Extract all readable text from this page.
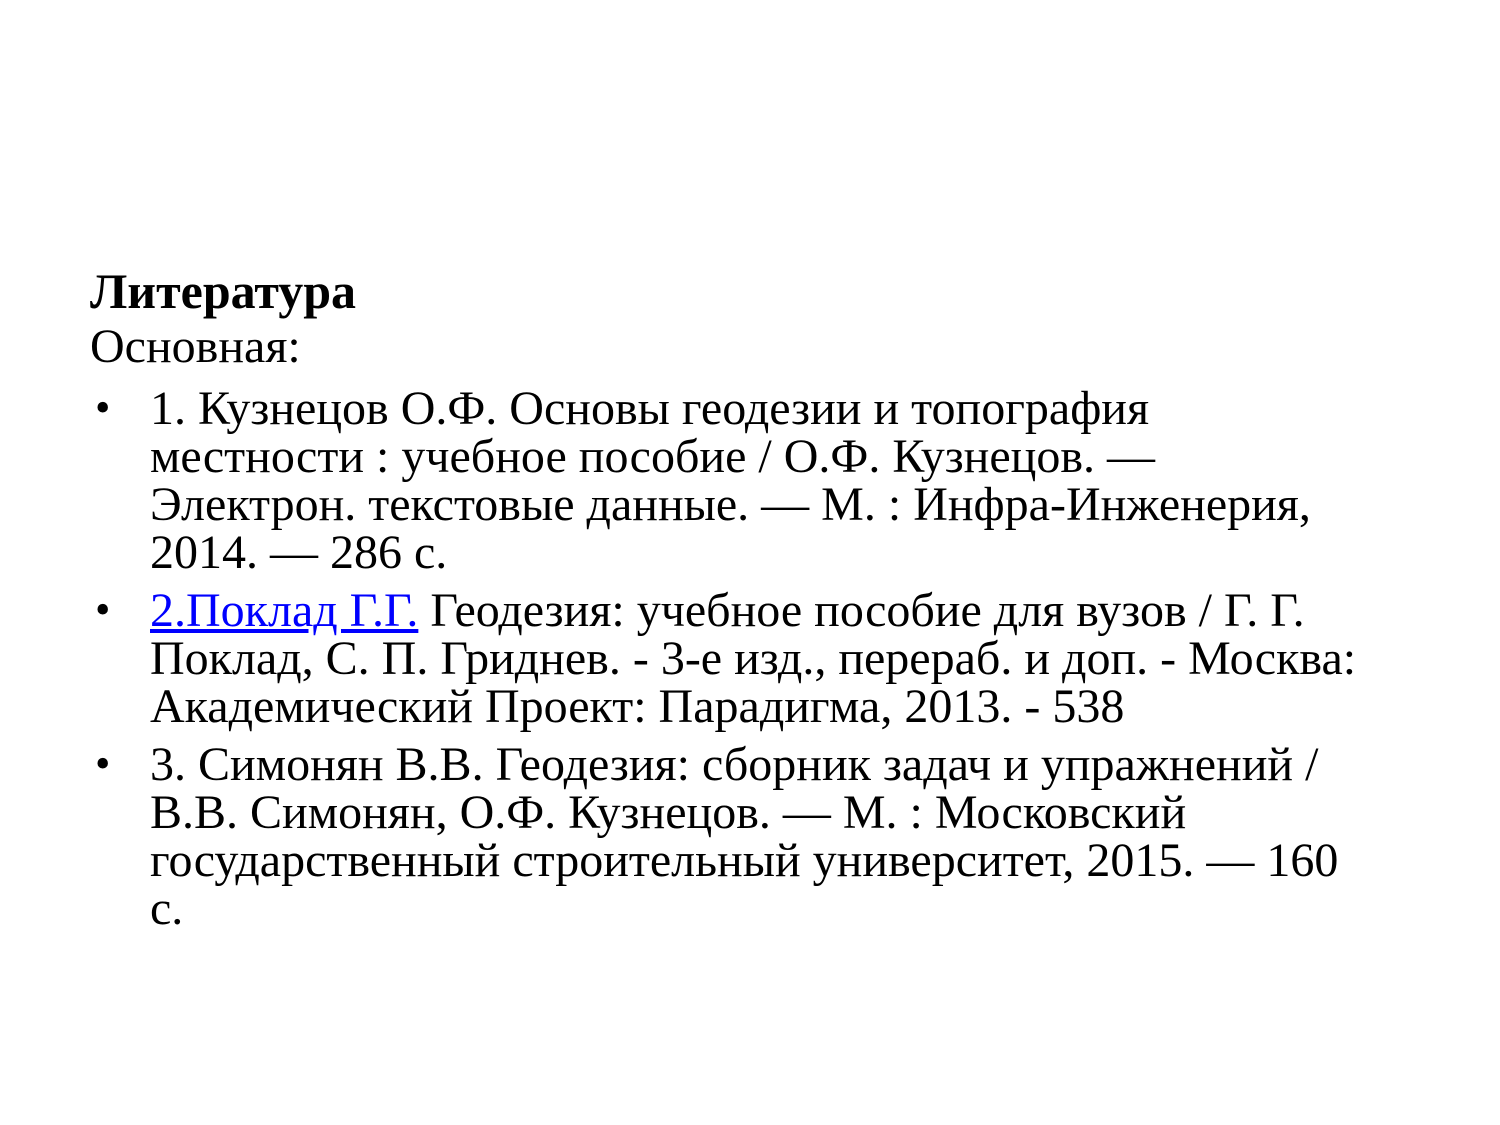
Литература
Основная:
• 1. Кузнецов О.Ф. Основы геодезии и топография
местности : учебное пособие / О.Ф. Кузнецов. —
Электрон. текстовые данные. — М. : Инфра-Инженерия,
2014. — 286 с.
• 2.Поклад Г.Г. Геодезия: учебное пособие для вузов / Г. Г.
Поклад, С. П. Гриднев. - 3-е изд., перераб. и доп. - Москва:
Академический Проект: Парадигма, 2013. - 538
• 3. Симонян В.В. Геодезия: сборник задач и упражнений /
В.В. Симонян, О.Ф. Кузнецов. — М. : Московский
государственный строительный университет, 2015. — 160
с.
